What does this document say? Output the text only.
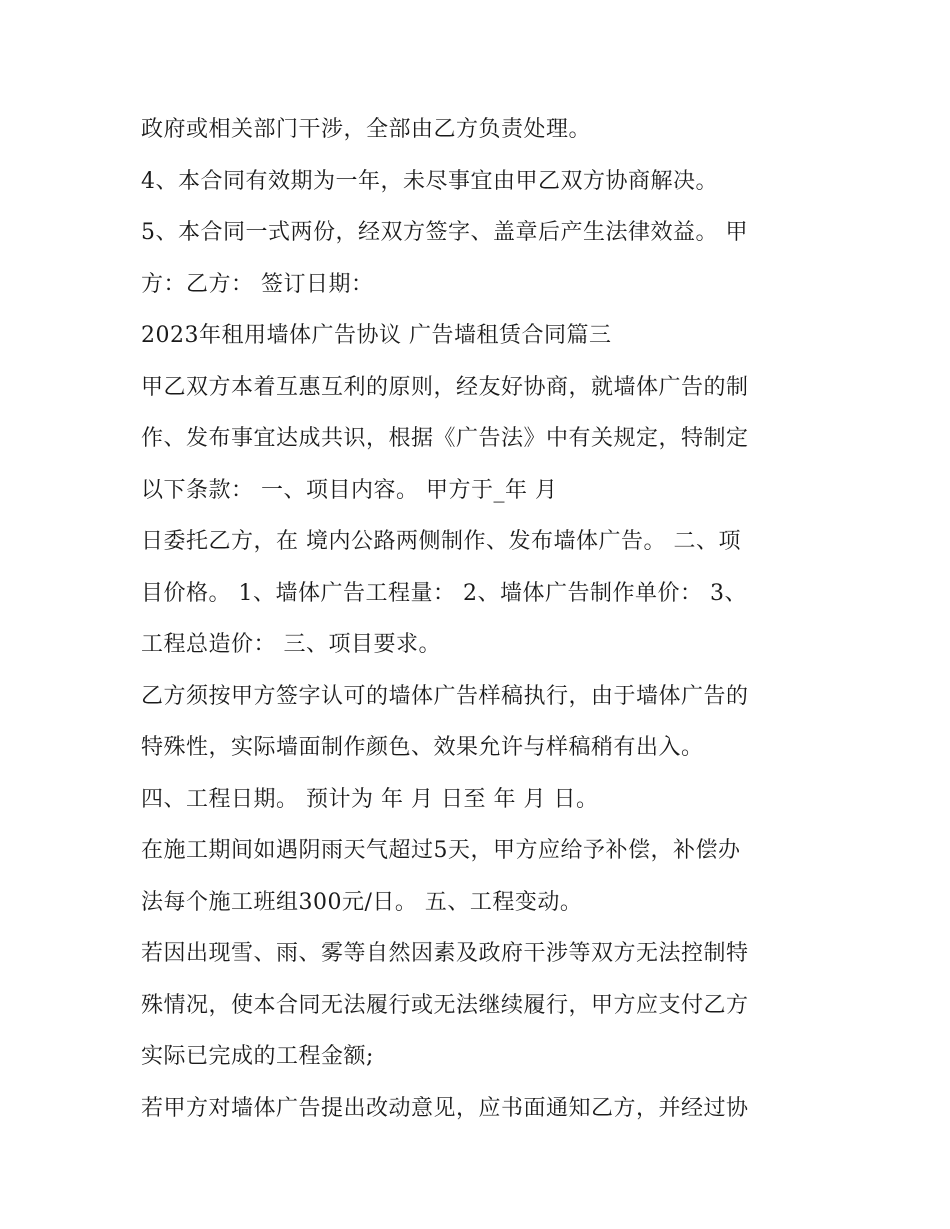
政府或相关部门干涉，全部由乙方负责处理。
4、本合同有效期为一年，未尽事宜由甲乙双方协商解决。
5、本合同一式两份，经双方签字、盖章后产生法律效益。 甲
方：乙方： 签订日期：
2023年租用墙体广告协议 广告墙租赁合同篇三
甲乙双方本着互惠互利的原则，经友好协商，就墙体广告的制
作、发布事宜达成共识，根据《广告法》中有关规定，特制定
以下条款： 一、项目内容。 甲方于_年 月
日委托乙方，在 境内公路两侧制作、发布墙体广告。 二、项
目价格。 1、墙体广告工程量： 2、墙体广告制作单价： 3、
工程总造价： 三、项目要求。
乙方须按甲方签字认可的墙体广告样稿执行，由于墙体广告的
特殊性，实际墙面制作颜色、效果允许与样稿稍有出入。
四、工程日期。 预计为 年 月 日至 年 月 日。
在施工期间如遇阴雨天气超过5天，甲方应给予补偿，补偿办
法每个施工班组300元/日。 五、工程变动。
若因出现雪、雨、雾等自然因素及政府干涉等双方无法控制特
殊情况，使本合同无法履行或无法继续履行，甲方应支付乙方
实际已完成的工程金额;
若甲方对墙体广告提出改动意见，应书面通知乙方，并经过协
